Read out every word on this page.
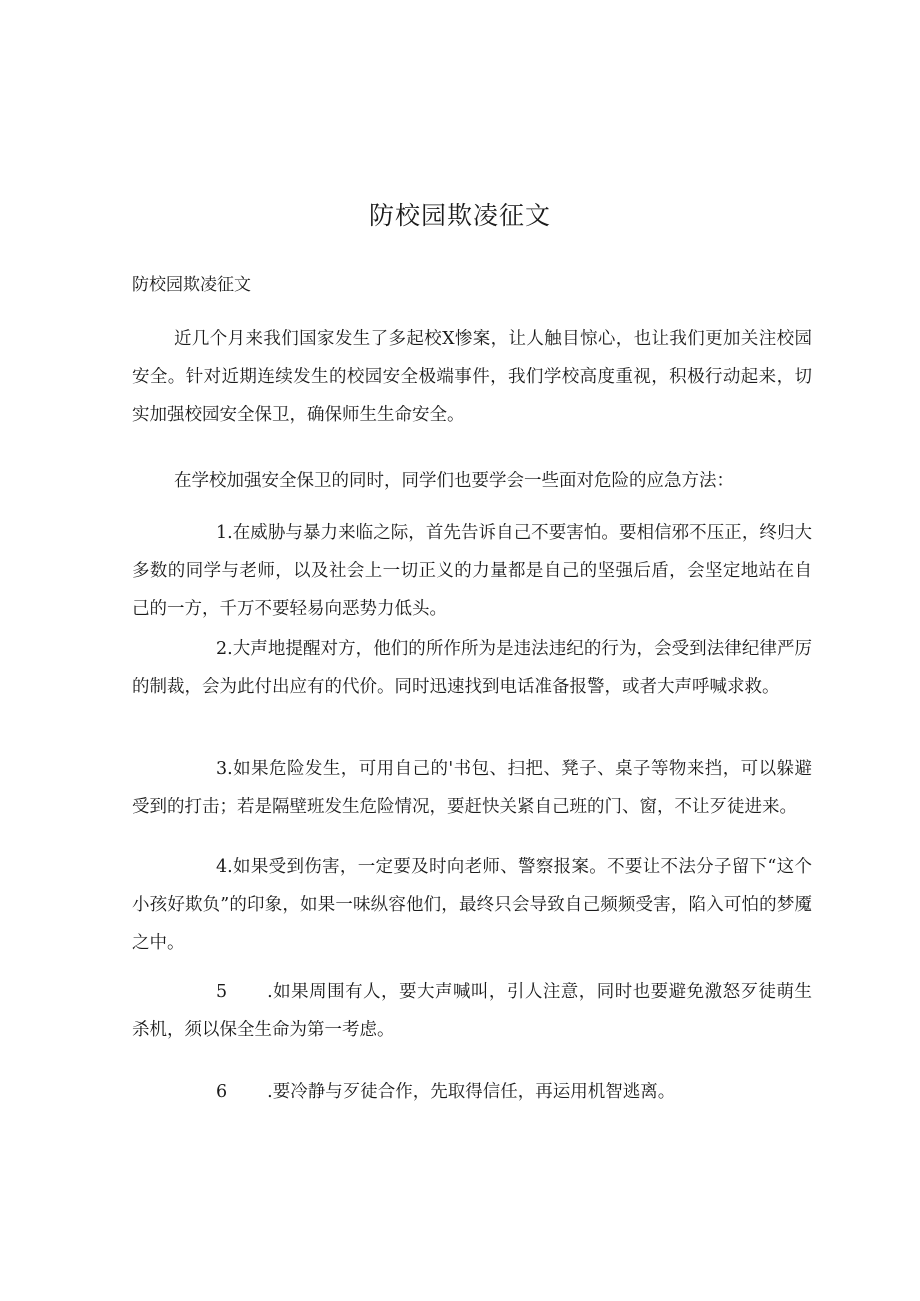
防校园欺凌征文

防校园欺凌征文

近几个月来我们国家发生了多起校X惨案，让人触目惊心，也让我们更加关注校园安全。针对近期连续发生的校园安全极端事件，我们学校高度重视，积极行动起来，切实加强校园安全保卫，确保师生生命安全。

在学校加强安全保卫的同时，同学们也要学会一些面对危险的应急方法：

1.在威胁与暴力来临之际，首先告诉自己不要害怕。要相信邪不压正，终归大多数的同学与老师，以及社会上一切正义的力量都是自己的坚强后盾，会坚定地站在自己的一方，千万不要轻易向恶势力低头。

2.大声地提醒对方，他们的所作所为是违法违纪的行为，会受到法律纪律严厉的制裁，会为此付出应有的代价。同时迅速找到电话准备报警，或者大声呼喊求救。

3.如果危险发生，可用自己的'书包、扫把、凳子、桌子等物来挡，可以躲避受到的打击；若是隔壁班发生危险情况，要赶快关紧自己班的门、窗，不让歹徒进来。

4.如果受到伤害，一定要及时向老师、警察报案。不要让不法分子留下“这个小孩好欺负”的印象，如果一味纵容他们，最终只会导致自己频频受害，陷入可怕的梦魇之中。

5 .如果周围有人，要大声喊叫，引人注意，同时也要避免激怒歹徒萌生杀机，须以保全生命为第一考虑。

6 .要冷静与歹徒合作，先取得信任，再运用机智逃离。
